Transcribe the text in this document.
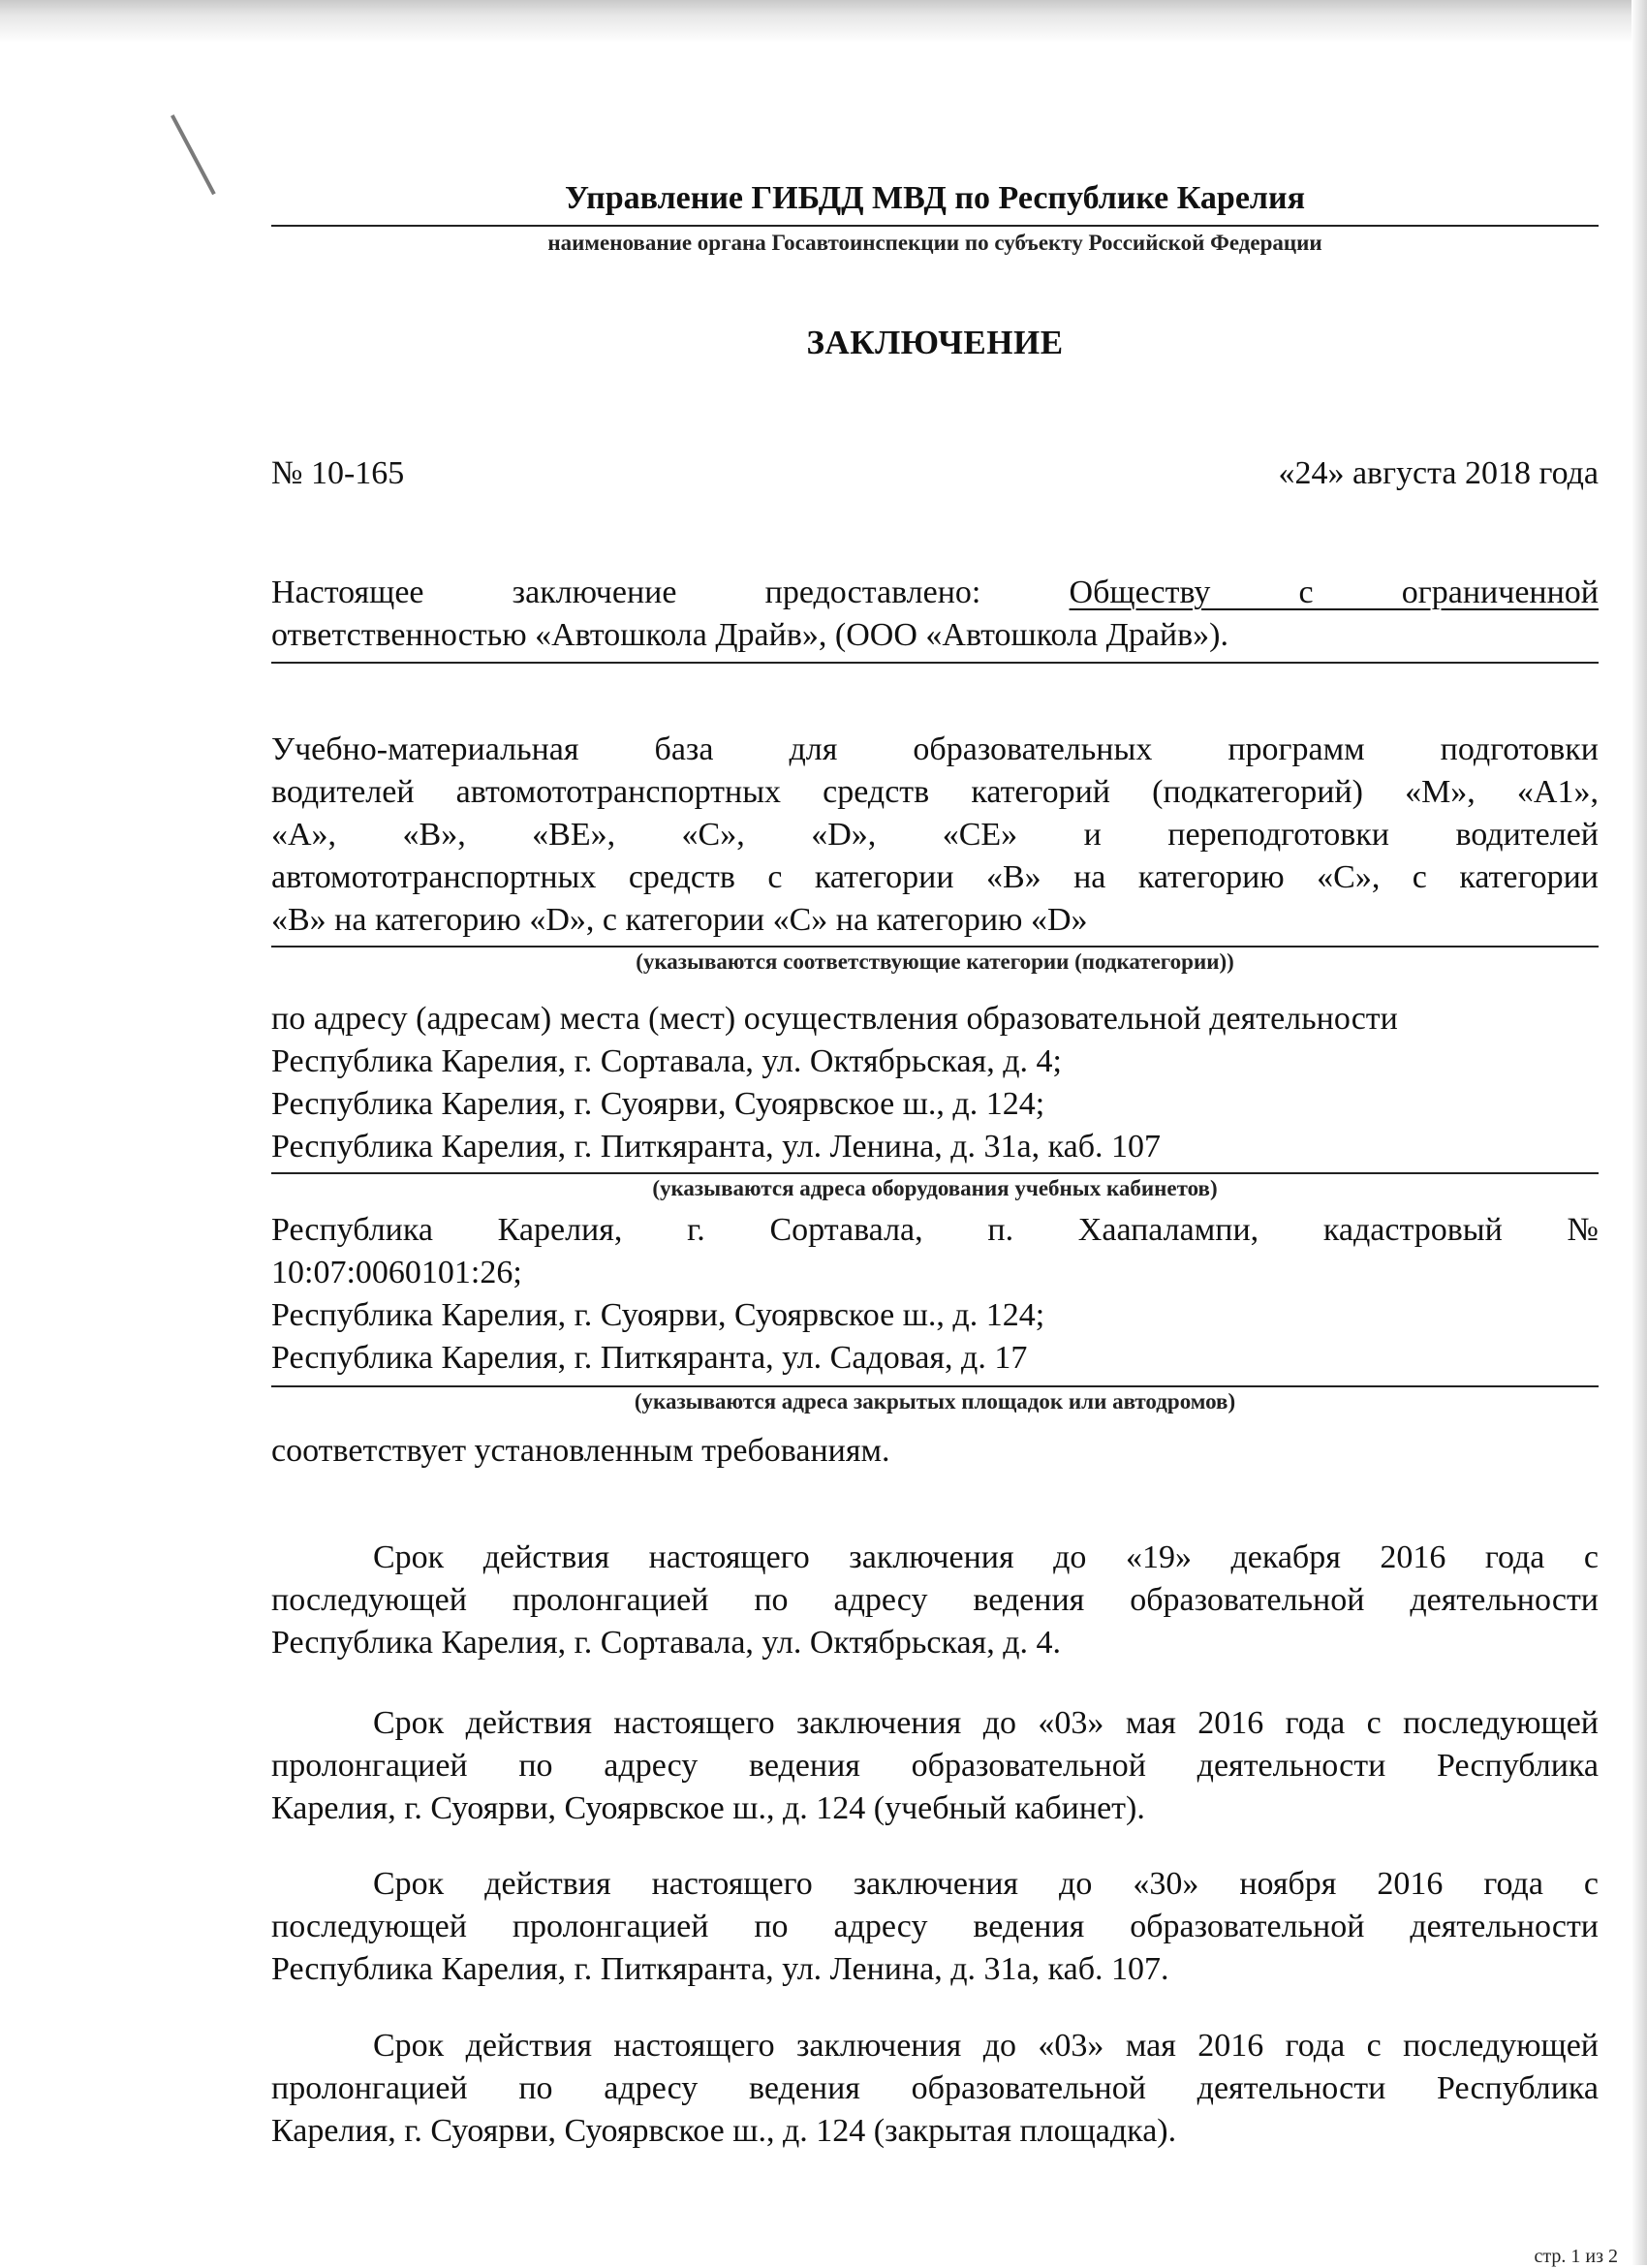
Управление ГИБДД МВД по Республике Карелия
наименование органа Госавтоинспекции по субъекту Российской Федерации
ЗАКЛЮЧЕНИЕ
№ 10-165	«24» августа 2018 года
Настоящее заключение предоставлено:	Обществу с ограниченной
ответственностью «Автошкола Драйв», (ООО «Автошкола Драйв»).
Учебно-материальная база для образовательных программ подготовки
водителей автомототранспортных средств категорий (подкатегорий) «М», «А1»,
«А», «В», «ВЕ», «С», «D», «СЕ» и переподготовки водителей
автомототранспортных средств с категории «В» на категорию «С», с категории
«В» на категорию «D», с категории «С» на категорию «D»
(указываются соответствующие категории (подкатегории))
по адресу (адресам) места (мест) осуществления образовательной деятельности
Республика Карелия, г. Сортавала, ул. Октябрьская, д. 4;
Республика Карелия, г. Суоярви, Суоярвское ш., д. 124;
Республика Карелия, г. Питкяранта, ул. Ленина, д. 31а, каб. 107
(указываются адреса оборудования учебных кабинетов)
Республика Карелия, г. Сортавала, п. Хаапалампи, кадастровый №
10:07:0060101:26;
Республика Карелия, г. Суоярви, Суоярвское ш., д. 124;
Республика Карелия, г. Питкяранта, ул. Садовая, д. 17
(указываются адреса закрытых площадок или автодромов)
соответствует установленным требованиям.
Срок действия настоящего заключения до «19» декабря 2016 года с
последующей пролонгацией по адресу ведения образовательной деятельности
Республика Карелия, г. Сортавала, ул. Октябрьская, д. 4.
Срок действия настоящего заключения до «03» мая 2016 года с последующей
пролонгацией по адресу ведения образовательной деятельности Республика
Карелия, г. Суоярви, Суоярвское ш., д. 124 (учебный кабинет).
Срок действия настоящего заключения до «30» ноября 2016 года с
последующей пролонгацией по адресу ведения образовательной деятельности
Республика Карелия, г. Питкяранта, ул. Ленина, д. 31а, каб. 107.
Срок действия настоящего заключения до «03» мая 2016 года с последующей
пролонгацией по адресу ведения образовательной деятельности Республика
Карелия, г. Суоярви, Суоярвское ш., д. 124 (закрытая площадка).
стр. 1 из 2
